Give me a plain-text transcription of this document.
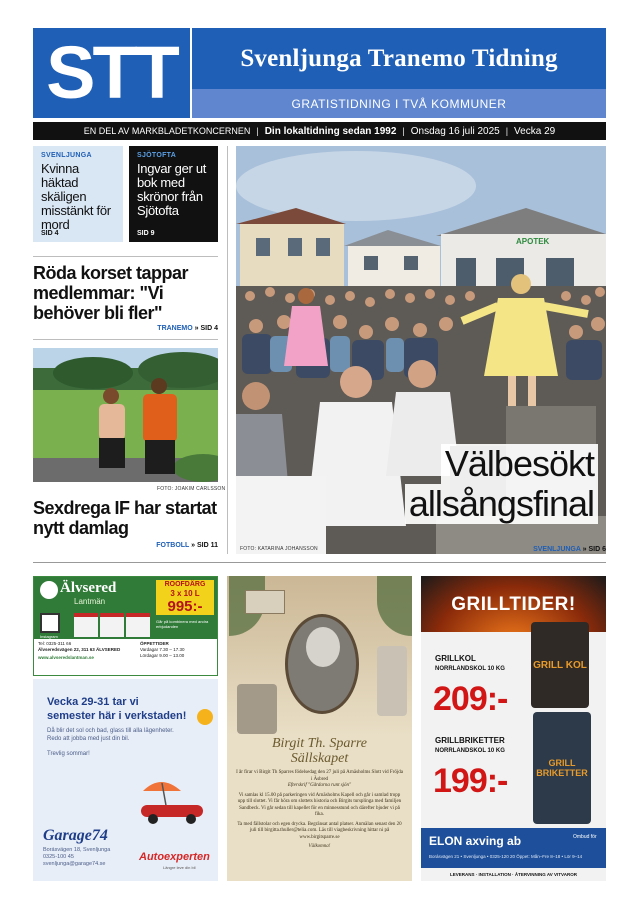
STT	Svenljunga Tranemo Tidning
GRATISTIDNING I TVÅ KOMMUNER
EN DEL AV MARKBLADETKONCERNEN | Din lokaltidning sedan 1992 | Onsdag 16 juli 2025 | Vecka 29
SVENLJUNGA
Kvinna häktad skäligen misstänkt för mord
SID 4
SJÖTOFTA
Ingvar ger ut bok med skrönor från Sjötofta
SID 9
Röda korset tappar medlemmar: "Vi behöver bli fler"
TRANEMO » SID 4
FOTO: JOAKIM CARLSSON
Sexdrega IF har startat nytt damlag
FOTBOLL » SID 11
APOTEK
Välbesökt
allsångsfinal
FOTO: KATARINA JOHANSSON	SVENLJUNGA » SID 6
Älvsered
Lantmän
ROOFDÄRG
3 x 10 L
995:-
Instagram
Går på kombinera med andra erbjudanden
Tel: 0325-311 66
Älvseredsvägen 22, 311 63 ÄLVSERED
www.alvseredslantman.se
ÖPPETTIDER
Vardagar 7.30 – 17.30
Lördagar 9.00 – 13.00
Vecka 29-31 tar vi semester här i verkstaden!
Då blir det sol och bad, glass till alla lägenheter. Redo att jobba med just din bil.
Trevlig sommar!
Garage74
Borásvägen 18, Svenljunga
0325-100 45
svenljunga@garage74.se
Autoexperten
Längre leve din bil
Birgit Th. Sparre
Sällskapet
I år firar vi Birgit Th Sparres födelsedag den 27 juli på Arnäsholms Slott vid Fröjda i Äsbred
Efterskrif "Gårdarna runt sjön"
Vi samlas kl 15.00 på parkeringen vid Arnäsholms Kapell och går i samlad tropp upp till slottet. Vi får höra om slottets historia och Birgits tursplinga med familjen Sandbeck. Vi går sedan till kapellet för en minnesstund och därefter bjuder vi på fika.
Ta med fällstolar och egen drycka. Begränsat antal platser. Anmälan senast den 20 juli till birgitta.thuller@telia.com. Läs till viagbeskrivning hittar ni på www.birgitsparre.se
Välkomna!
GRILLTIDER!
GRILLKOL
NORRLANDSKOL 10 KG
209:-
GRILL KOL
GRILLBRIKETTER
NORRLANDSKOL 10 KG
199:-	GRILL BRIKETTER
ELON axving ab	Ombud för
Borásvägen 21 • Svenljunga • 0325-120 20 Öppet: Mån–Fre 8–18 • Lör 9–14
LEVERANS · INSTALLATION · ÅTERVINNING AV VITVAROR
